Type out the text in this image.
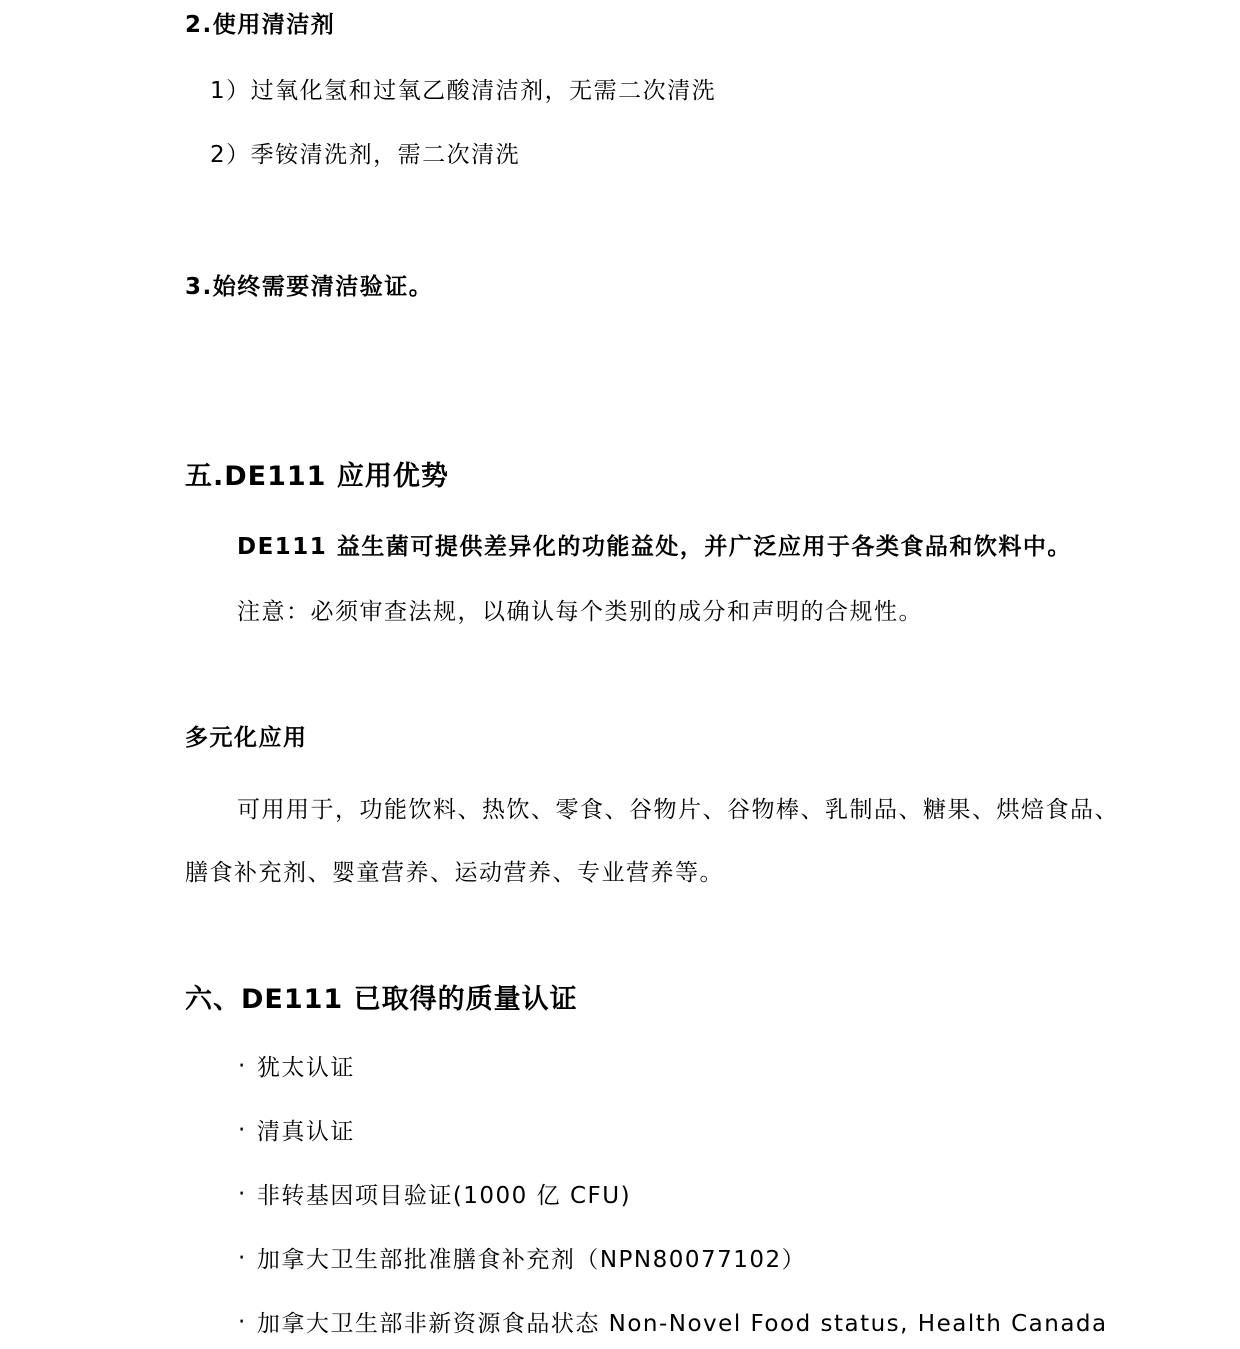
2.使用清洁剂
1）过氧化氢和过氧乙酸清洁剂，无需二次清洗
2）季铵清洗剂，需二次清洗
3.始终需要清洁验证。
五.DE111 应用优势
DE111 益生菌可提供差异化的功能益处，并广泛应用于各类食品和饮料中。
注意：必须审查法规，以确认每个类别的成分和声明的合规性。
多元化应用
可用用于，功能饮料、热饮、零食、谷物片、谷物棒、乳制品、糖果、烘焙食品、
膳食补充剂、婴童营养、运动营养、专业营养等。
六、DE111 已取得的质量认证
· 犹太认证
· 清真认证
· 非转基因项目验证(1000 亿 CFU)
· 加拿大卫生部批准膳食补充剂（NPN80077102）
· 加拿大卫生部非新资源食品状态 Non-Novel Food status, Health Canada
